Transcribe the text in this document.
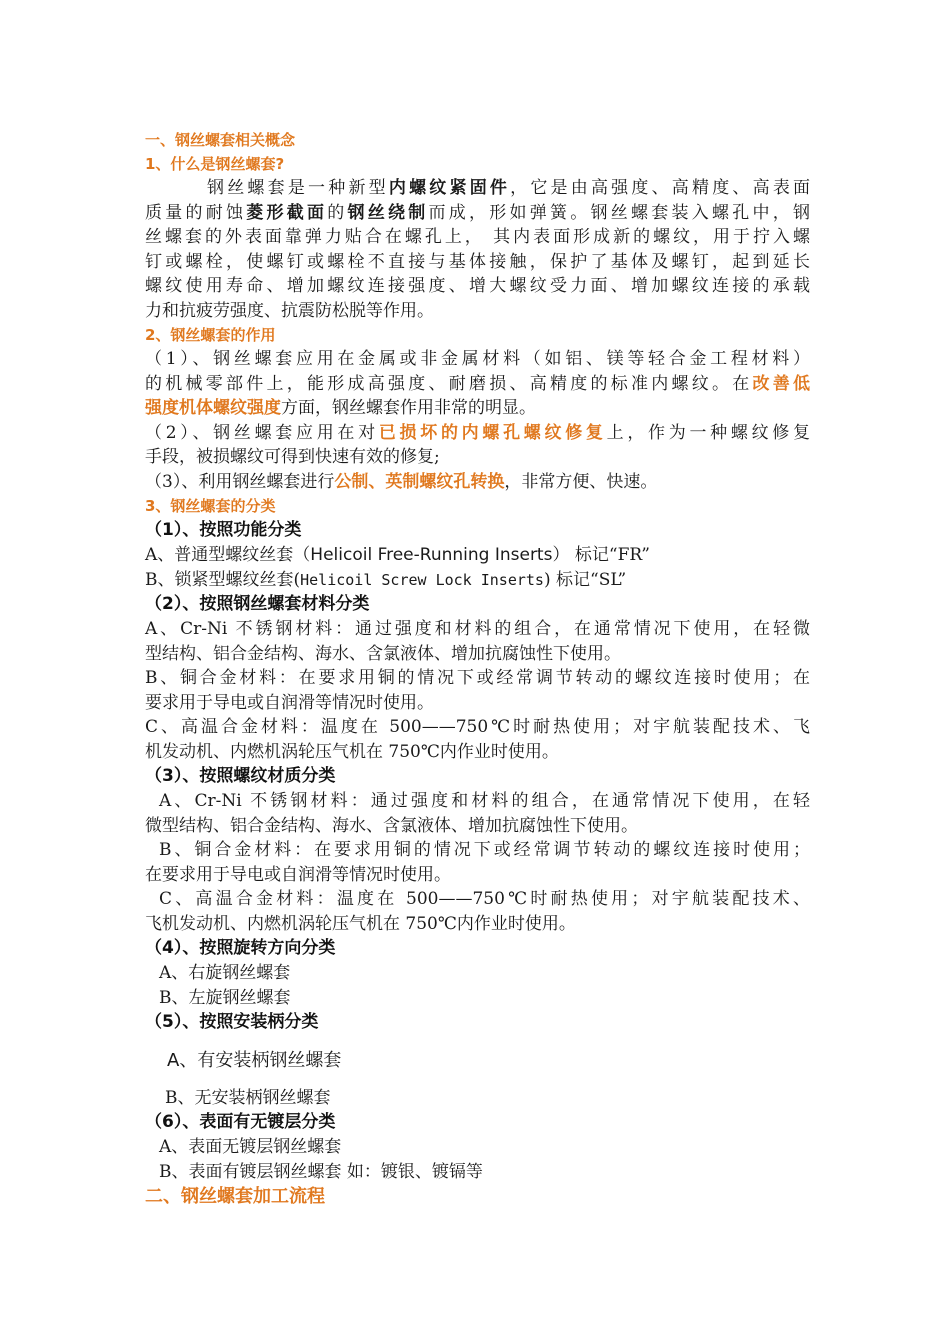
一、钢丝螺套相关概念
1、什么是钢丝螺套?
钢丝螺套是一种新型内螺纹紧固件，它是由高强度、高精度、高表面
质量的耐蚀菱形截面的钢丝绕制而成，形如弹簧。钢丝螺套装入螺孔中，钢
丝螺套的外表面靠弹力贴合在螺孔上， 其内表面形成新的螺纹，用于拧入螺
钉或螺栓，使螺钉或螺栓不直接与基体接触，保护了基体及螺钉，起到延长
螺纹使用寿命、增加螺纹连接强度、增大螺纹受力面、增加螺纹连接的承载
力和抗疲劳强度、抗震防松脱等作用。
2、钢丝螺套的作用
（1）、钢丝螺套应用在金属或非金属材料（如铝、镁等轻合金工程材料）
的机械零部件上，能形成高强度、耐磨损、高精度的标准内螺纹。在改善低
强度机体螺纹强度方面，钢丝螺套作用非常的明显。
（2）、钢丝螺套应用在对已损坏的内螺孔螺纹修复上，作为一种螺纹修复
手段，被损螺纹可得到快速有效的修复;
（3）、利用钢丝螺套进行公制、英制螺纹孔转换，非常方便、快速。
3、钢丝螺套的分类
（1）、按照功能分类
A、普通型螺纹丝套（Helicoil Free-Running Inserts） 标记“FR”
B、锁紧型螺纹丝套(Helicoil Screw Lock Inserts) 标记“SL”
（2）、按照钢丝螺套材料分类
A、Cr-Ni 不锈钢材料：通过强度和材料的组合，在通常情况下使用，在轻微
型结构、铝合金结构、海水、含氯液体、增加抗腐蚀性下使用。
B、铜合金材料：在要求用铜的情况下或经常调节转动的螺纹连接时使用；在
要求用于导电或自润滑等情况时使用。
C、高温合金材料：温度在 500——750℃时耐热使用；对宇航装配技术、飞
机发动机、内燃机涡轮压气机在 750℃内作业时使用。
（3）、按照螺纹材质分类
A、Cr-Ni 不锈钢材料：通过强度和材料的组合，在通常情况下使用，在轻
微型结构、铝合金结构、海水、含氯液体、增加抗腐蚀性下使用。
B、铜合金材料：在要求用铜的情况下或经常调节转动的螺纹连接时使用；
在要求用于导电或自润滑等情况时使用。
C、高温合金材料：温度在 500——750℃时耐热使用；对宇航装配技术、
飞机发动机、内燃机涡轮压气机在 750℃内作业时使用。
（4）、按照旋转方向分类
A、右旋钢丝螺套
B、左旋钢丝螺套
（5）、按照安装柄分类
A、有安装柄钢丝螺套
B、无安装柄钢丝螺套
（6）、表面有无镀层分类
A、表面无镀层钢丝螺套
B、表面有镀层钢丝螺套 如：镀银、镀镉等
二、钢丝螺套加工流程
